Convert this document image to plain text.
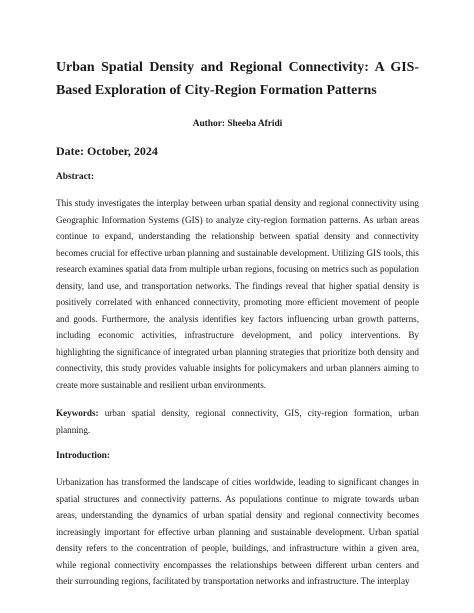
Urban Spatial Density and Regional Connectivity: A GIS-Based Exploration of City-Region Formation Patterns
Author: Sheeba Afridi
Date: October, 2024
Abstract:

This study investigates the interplay between urban spatial density and regional connectivity using Geographic Information Systems (GIS) to analyze city-region formation patterns. As urban areas continue to expand, understanding the relationship between spatial density and connectivity becomes crucial for effective urban planning and sustainable development. Utilizing GIS tools, this research examines spatial data from multiple urban regions, focusing on metrics such as population density, land use, and transportation networks. The findings reveal that higher spatial density is positively correlated with enhanced connectivity, promoting more efficient movement of people and goods. Furthermore, the analysis identifies key factors influencing urban growth patterns, including economic activities, infrastructure development, and policy interventions. By highlighting the significance of integrated urban planning strategies that prioritize both density and connectivity, this study provides valuable insights for policymakers and urban planners aiming to create more sustainable and resilient urban environments.

Keywords: urban spatial density, regional connectivity, GIS, city-region formation, urban planning.

Introduction:

Urbanization has transformed the landscape of cities worldwide, leading to significant changes in spatial structures and connectivity patterns. As populations continue to migrate towards urban areas, understanding the dynamics of urban spatial density and regional connectivity becomes increasingly important for effective urban planning and sustainable development. Urban spatial density refers to the concentration of people, buildings, and infrastructure within a given area, while regional connectivity encompasses the relationships between different urban centers and their surrounding regions, facilitated by transportation networks and infrastructure. The interplay
